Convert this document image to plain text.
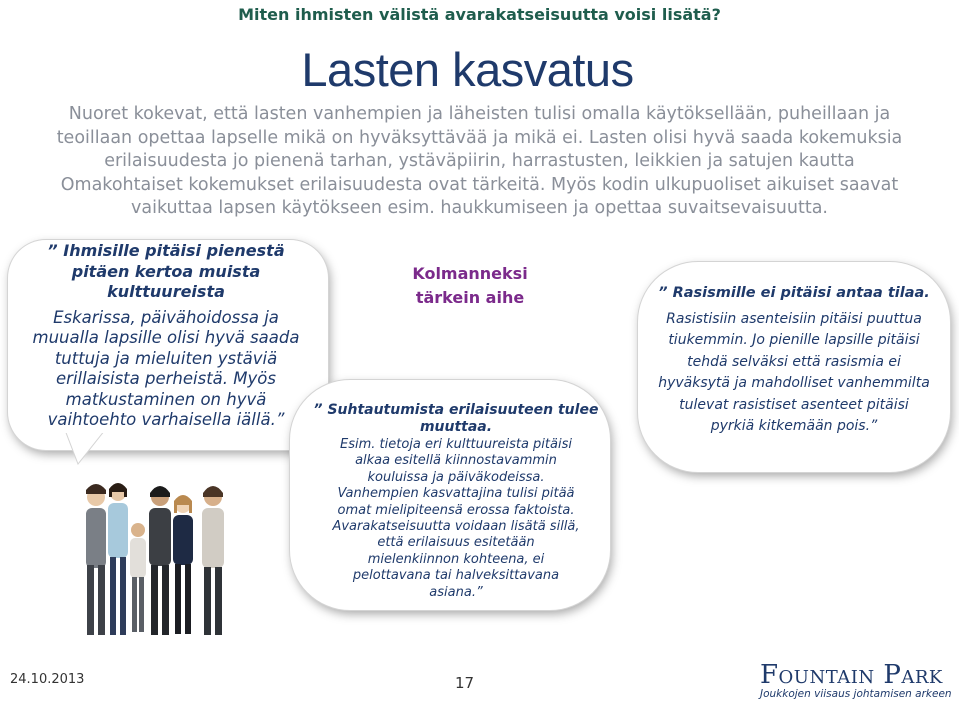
Miten ihmisten välistä avarakatseisuutta voisi lisätä?
Lasten kasvatus
Nuoret kokevat, että lasten vanhempien ja läheisten tulisi omalla käytöksellään, puheillaan ja
teoillaan opettaa lapselle mikä on hyväksyttävää ja mikä ei. Lasten olisi hyvä saada kokemuksia
erilaisuudesta jo pienenä tarhan, ystäväpiirin, harrastusten, leikkien ja satujen kautta
Omakohtaiset kokemukset erilaisuudesta ovat tärkeitä. Myös kodin ulkupuoliset aikuiset saavat
vaikuttaa lapsen käytökseen esim. haukkumiseen ja opettaa suvaitsevaisuutta.
” Ihmisille pitäisi pienestä
pitäen kertoa muista
kulttuureista
Eskarissa, päivähoidossa ja
muualla lapsille olisi hyvä saada
tuttuja ja mieluiten ystäviä
erillaisista perheistä. Myös
matkustaminen on hyvä
vaihtoehto varhaisella iällä.”
Kolmanneksi
tärkein aihe
” Suhtautumista erilaisuuteen tulee
muuttaa.
Esim. tietoja eri kulttuureista pitäisi
alkaa esitellä kiinnostavammin
kouluissa ja päiväkodeissa.
Vanhempien kasvattajina tulisi pitää
omat mielipiteensä erossa faktoista.
Avarakatseisuutta voidaan lisätä sillä,
että erilaisuus esitetään
mielenkiinnon kohteena, ei
pelottavana tai halveksittavana
asiana.”
” Rasismille ei pitäisi antaa tilaa.
Rasistisiin asenteisiin pitäisi puuttua
tiukemmin. Jo pienille lapsille pitäisi
tehdä selväksi että rasismia ei
hyväksytä ja mahdolliset vanhemmilta
tulevat rasistiset asenteet pitäisi
pyrkiä kitkemään pois.”
24.10.2013	17	Fountain Park
Joukkojen viisaus johtamisen arkeen
